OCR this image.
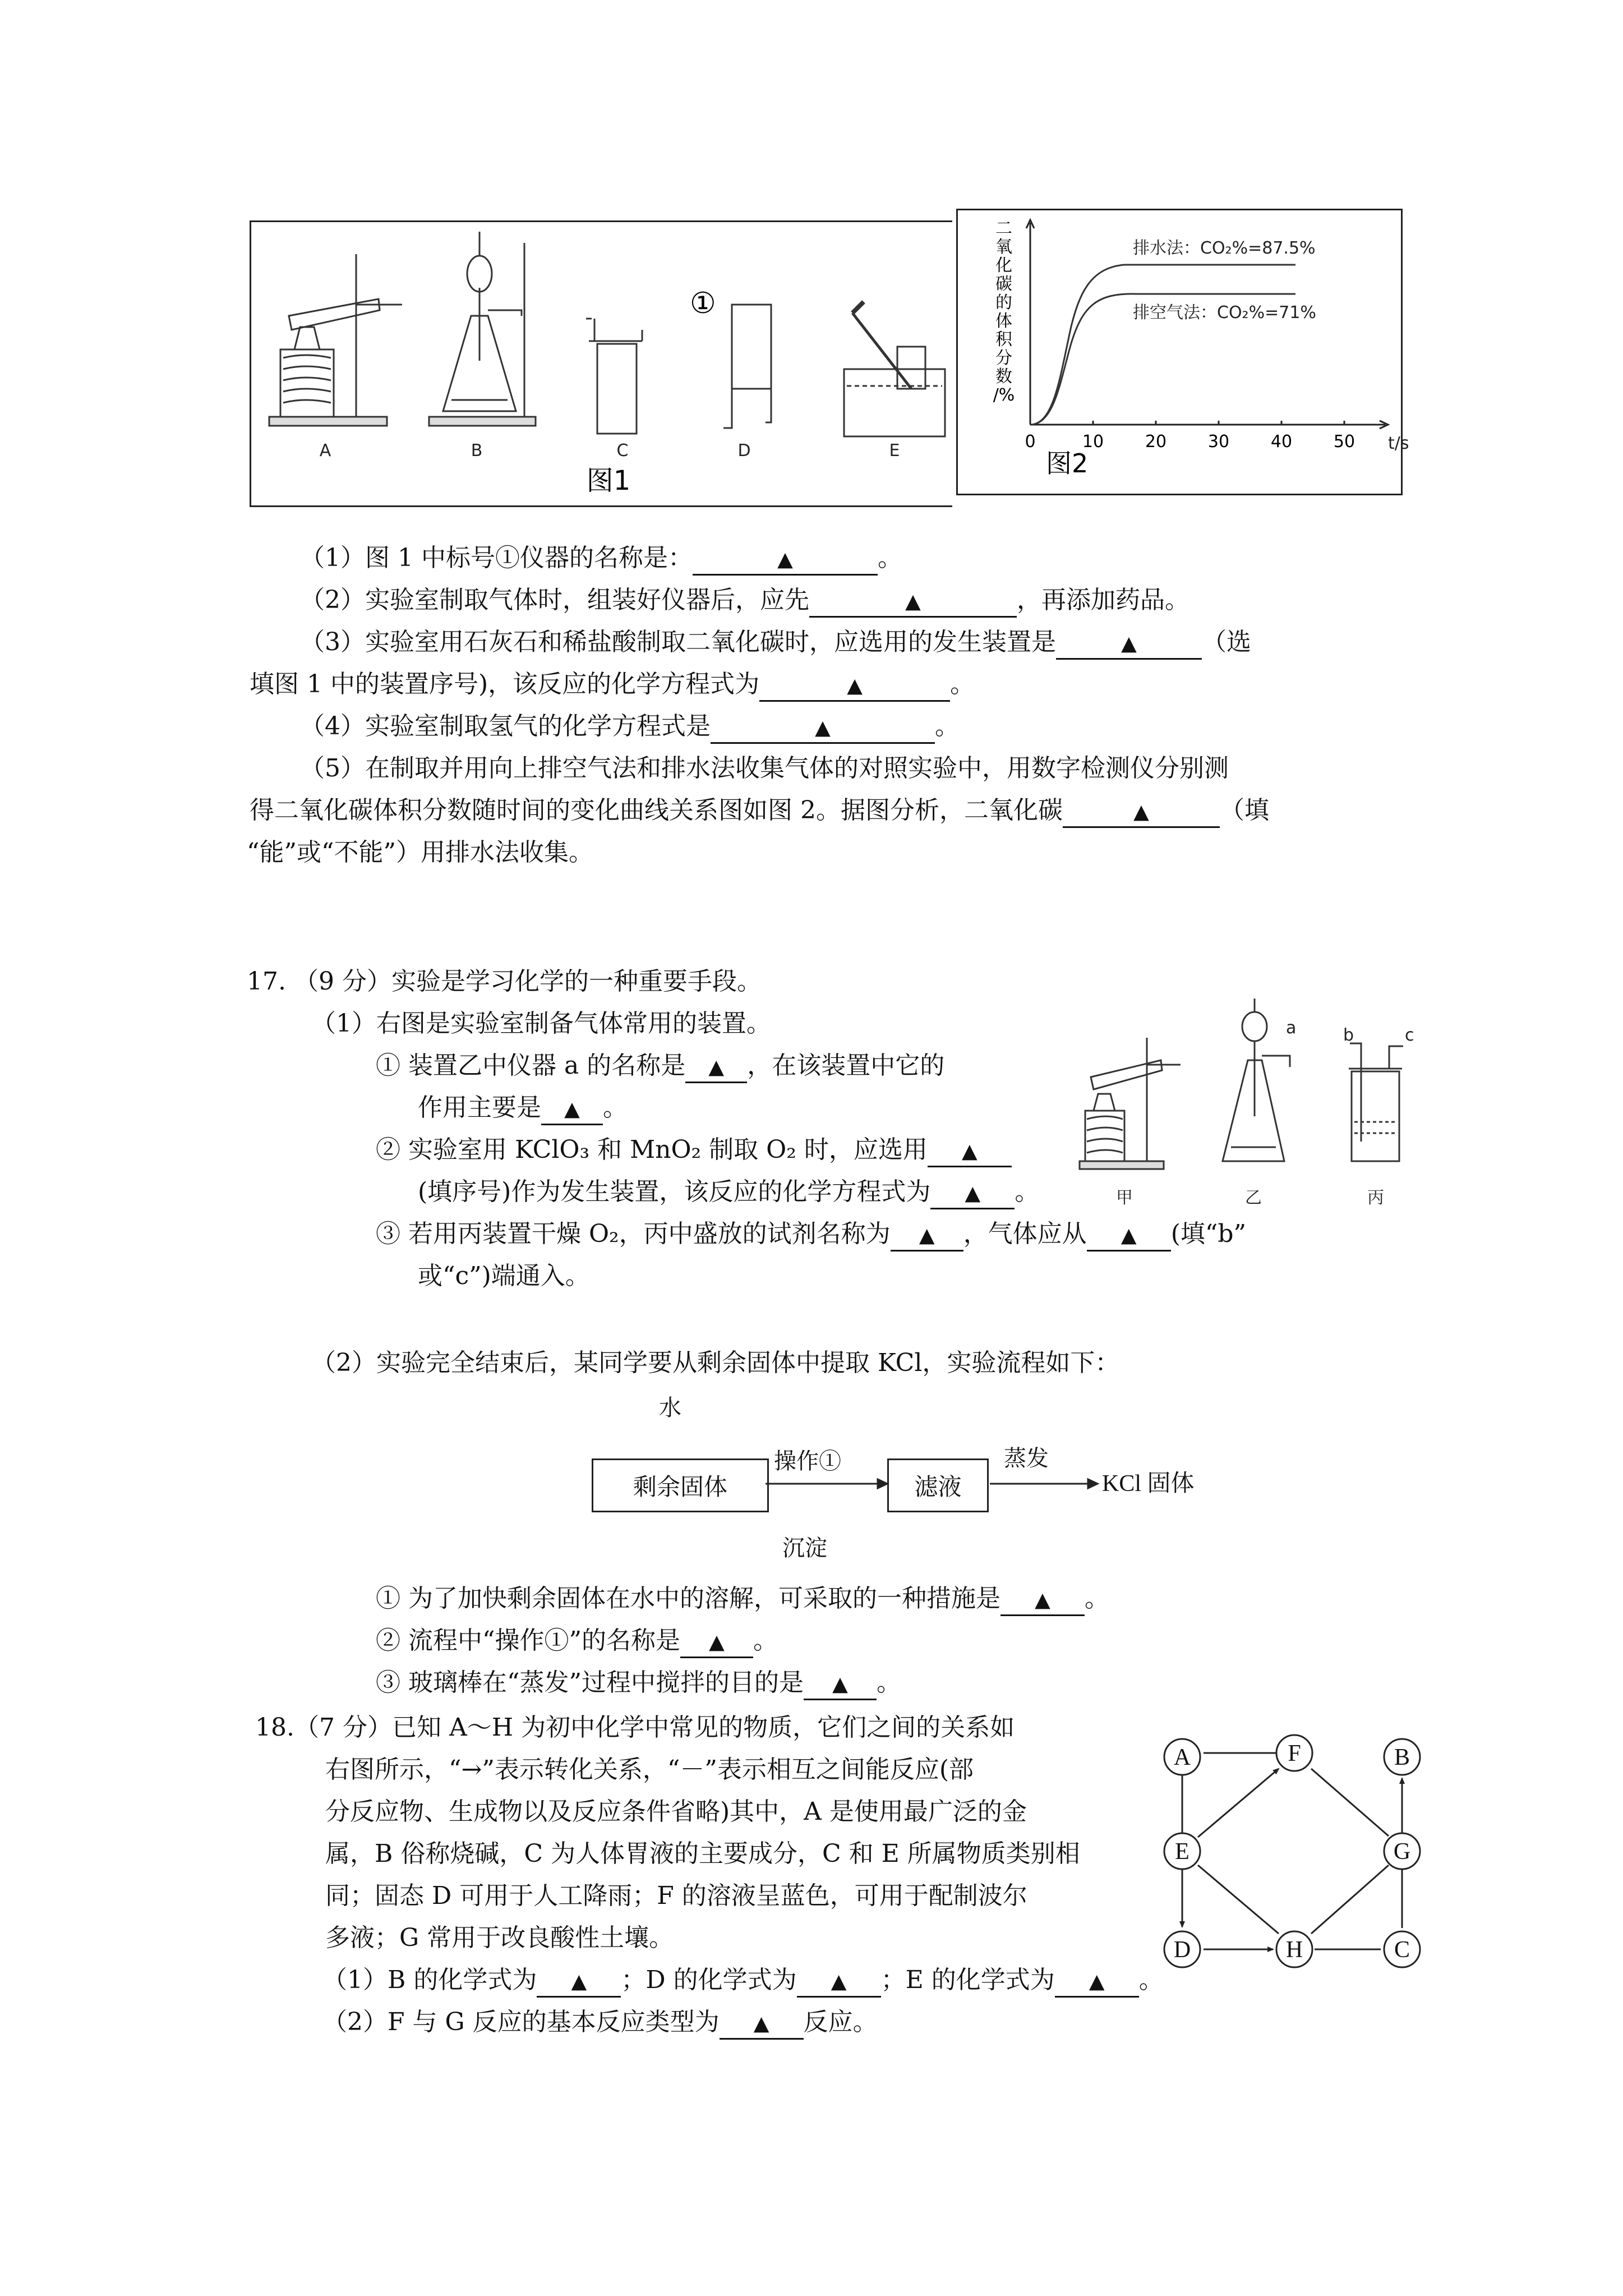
A	B	C	D	E
①
图1
二
氧
化
碳
的
体
积
分
数
/%
0	10 20 30 40 50 t/s
排水法：CO₂%=87.5%
排空气法：CO₂%=71%
图2
（1）图 1 中标号①仪器的名称是：	▲	。
（2）实验室制取气体时，组装好仪器后，应先	▲	，再添加药品。
（3）实验室用石灰石和稀盐酸制取二氧化碳时，应选用的发生装置是	▲	（选
填图 1 中的装置序号)，该反应的化学方程式为	▲	。
（4）实验室制取氢气的化学方程式是	▲	。
（5）在制取并用向上排空气法和排水法收集气体的对照实验中，用数字检测仪分别测
得二氧化碳体积分数随时间的变化曲线关系图如图 2。据图分析，二氧化碳	▲	（填
“能”或“不能”）用排水法收集。
17. （9 分）实验是学习化学的一种重要手段。
（1）右图是实验室制备气体常用的装置。
① 装置乙中仪器 a 的名称是 ▲ ，在该装置中它的
作用主要是 ▲ 。
② 实验室用 KClO₃ 和 MnO₂ 制取 O₂ 时，应选用 ▲
(填序号)作为发生装置，该反应的化学方程式为 ▲ 。
③ 若用丙装置干燥 O₂，丙中盛放的试剂名称为 ▲ ，气体应从 ▲ (填“b”
或“c”)端通入。
a	b	c
甲	乙	丙
（2）实验完全结束后，某同学要从剩余固体中提取 KCl，实验流程如下：
水
剩余固体
操作①
滤液
蒸发
KCl 固体
沉淀
① 为了加快剩余固体在水中的溶解，可采取的一种措施是 ▲ 。
② 流程中“操作①”的名称是 ▲ 。
③ 玻璃棒在“蒸发”过程中搅拌的目的是 ▲ 。
18.（7 分）已知 A～H 为初中化学中常见的物质，它们之间的关系如
右图所示，“→”表示转化关系，“－”表示相互之间能反应(部
分反应物、生成物以及反应条件省略)其中，A 是使用最广泛的金
属，B 俗称烧碱，C 为人体胃液的主要成分，C 和 E 所属物质类别相
同；固态 D 可用于人工降雨；F 的溶液呈蓝色，可用于配制波尔
多液；G 常用于改良酸性土壤。
A	B
C
D
E
F
G
H
（1）B 的化学式为 ▲ ；D 的化学式为 ▲ ；E 的化学式为 ▲ 。
（2）F 与 G 反应的基本反应类型为 ▲ 反应。
